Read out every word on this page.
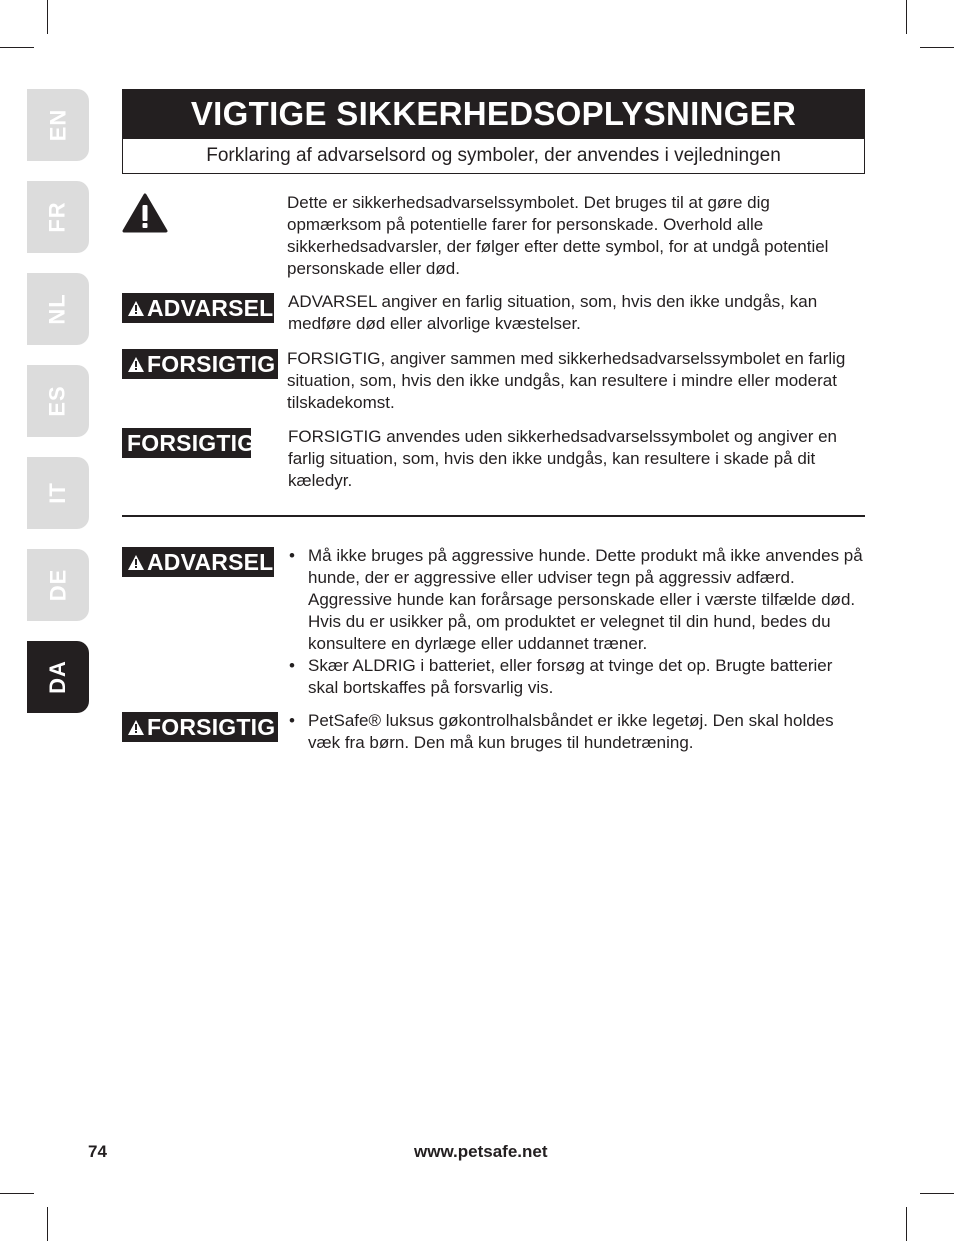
EN
FR
NL
ES
IT
DE
DA
VIGTIGE SIKKERHEDSOPLYSNINGER
Forklaring af advarselsord og symboler, der anvendes i vejledningen
Dette er sikkerhedsadvarselssymbolet. Det bruges til at gøre dig opmærksom på potentielle farer for personskade. Overhold alle sikkerhedsadvarsler, der følger efter dette symbol, for at undgå potentiel personskade eller død.
ADVARSEL ADVARSEL angiver en farlig situation, som, hvis den ikke undgås, kan medføre død eller alvorlige kvæstelser.
FORSIGTIG FORSIGTIG, angiver sammen med sikkerhedsadvarselssymbolet en farlig situation, som, hvis den ikke undgås, kan resultere i mindre eller moderat tilskadekomst.
FORSIGTIG FORSIGTIG anvendes uden sikkerhedsadvarselssymbolet og angiver en farlig situation, som, hvis den ikke undgås, kan resultere i skade på dit kæledyr.
ADVARSEL	• Må ikke bruges på aggressive hunde. Dette produkt må ikke anvendes på hunde, der er aggressive eller udviser tegn på aggressiv adfærd. Aggressive hunde kan forårsage personskade eller i værste tilfælde død. Hvis du er usikker på, om produktet er velegnet til din hund, bedes du konsultere en dyrlæge eller uddannet træner.
• Skær ALDRIG i batteriet, eller forsøg at tvinge det op. Brugte batterier skal bortskaffes på forsvarlig vis.
FORSIGTIG	• PetSafe® luksus gøkontrolhalsbåndet er ikke legetøj. Den skal holdes væk fra børn. Den må kun bruges til hundetræning.
74	www.petsafe.net
